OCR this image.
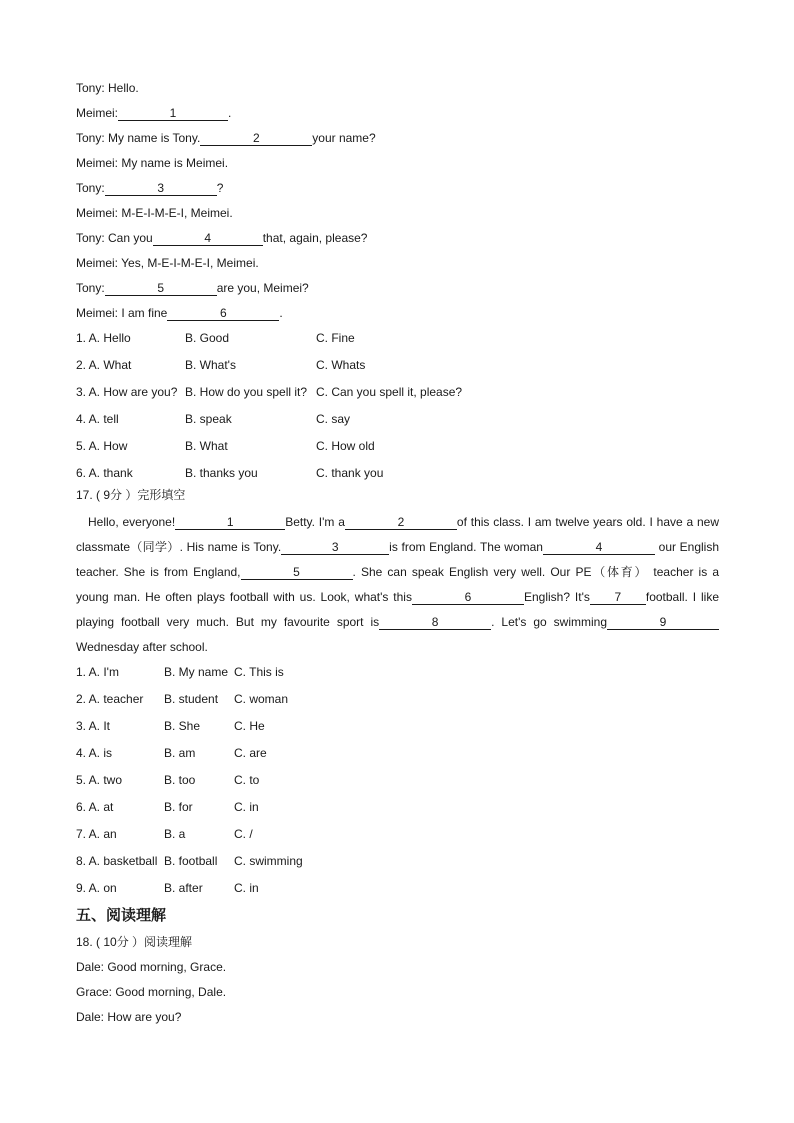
Tony: Hello.
Meimei:	1	.
Tony: My name is Tony.	2	your name?
Meimei: My name is Meimei.
Tony:	3	?
Meimei: M-E-I-M-E-I, Meimei.
Tony: Can you	4	that, again, please?
Meimei: Yes, M-E-I-M-E-I, Meimei.
Tony:	5	are you, Meimei?
Meimei: I am fine	6	.
1. A. Hello	B. Good	C. Fine
2. A. What	B. What's	C. Whats
3. A. How are you? B. How do you spell it? C. Can you spell it, please?
4. A. tell	B. speak	C. say
5. A. How	B. What	C. How old
6. A. thank	B. thanks you	C. thank you
17. ( 9分 ）完形填空
Hello, everyone!	1	Betty. I'm a	2	of this class. I am twelve years old. I have a new classmate（同学）. His name is Tony.	3	is from England. The woman	4	our English teacher. She is from England,	5	. She can speak English very well. Our PE（体育） teacher is a young man. He often plays football with us. Look, what's this	6	English? It's 7 football. I like playing football very much. But my favourite sport is	8	. Let's go swimming	9Wednesday after school.
1. A. I'm	B. My name C. This is
2. A. teacher B. student C. woman
3. A. It	B. She	C. He
4. A. is	B. am	C. are
5. A. two	B. too	C. to
6. A. at	B. for	C. in
7. A. an	B. a	C. /
8. A. basketball B. football C. swimming
9. A. on	B. after	C. in
五、阅读理解
18. ( 10分 ）阅读理解
Dale: Good morning, Grace.
Grace: Good morning, Dale.
Dale: How are you?
